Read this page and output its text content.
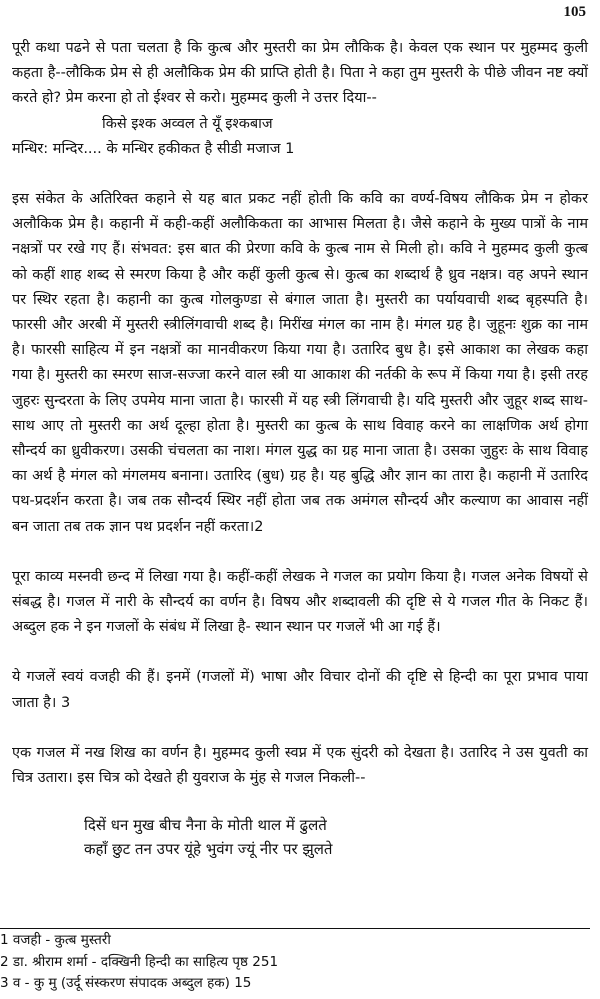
105

पूरी कथा पढने से पता चलता है कि कुत्ब और मुस्तरी का प्रेम लौकिक है। केवल एक स्थान पर मुहम्मद कुली कहता है--लौकिक प्रेम से ही अलौकिक प्रेम की प्राप्ति होती है। पिता ने कहा तुम मुस्तरी के पीछे जीवन नष्ट क्यों करते हो? प्रेम करना हो तो ईश्वर से करो। मुहम्मद कुली ने उत्तर दिया--

किसे इश्क अव्वल ते यूँ इश्कबाज

मन्धिर: मन्दिर.... के मन्धिर हकीकत है सीडी मजाज 1

इस संकेत के अतिरिक्त कहाने से यह बात प्रकट नहीं होती कि कवि का वर्ण्य-विषय लौकिक प्रेम न होकर अलौकिक प्रेम है। कहानी में कही-कहीं अलौकिकता का आभास मिलता है। जैसे कहाने के मुख्य पात्रों के नाम नक्षत्रों पर रखे गए हैं। संभवत: इस बात की प्रेरणा कवि के कुत्ब नाम से मिली हो। कवि ने मुहम्मद कुली कुत्ब को कहीं शाह शब्द से स्मरण किया है और कहीं कुली कुत्ब से। कुत्ब का शब्दार्थ है ध्रुव नक्षत्र। वह अपने स्थान पर स्थिर रहता है। कहानी का कुत्ब गोलकुण्डा से बंगाल जाता है। मुस्तरी का पर्यायवाची शब्द बृहस्पति है। फारसी और अरबी में मुस्तरी स्त्रीलिंगवाची शब्द है। मिरींख मंगल का नाम है। मंगल ग्रह है। जुहूनः शुक्र का नाम है। फारसी साहित्य में इन नक्षत्रों का मानवीकरण किया गया है। उतारिद बुध है। इसे आकाश का लेखक कहा गया है। मुस्तरी का स्मरण साज-सज्जा करने वाल स्त्री या आकाश की नर्तकी के रूप में किया गया है। इसी तरह जुहरः सुन्दरता के लिए उपमेय माना जाता है। फारसी में यह स्त्री लिंगवाची है। यदि मुस्तरी और जुहूर शब्द साथ-साथ आए तो मुस्तरी का अर्थ दूल्हा होता है। मुस्तरी का कुत्ब के साथ विवाह करने का लाक्षणिक अर्थ होगा सौन्दर्य का ध्रुवीकरण। उसकी चंचलता का नाश। मंगल युद्ध का ग्रह माना जाता है। उसका जुहुरः के साथ विवाह का अर्थ है मंगल को मंगलमय बनाना। उतारिद (बुध) ग्रह है। यह बुद्धि और ज्ञान का तारा है। कहानी में उतारिद पथ-प्रदर्शन करता है। जब तक सौन्दर्य स्थिर नहीं होता जब तक अमंगल सौन्दर्य और कल्याण का आवास नहीं बन जाता तब तक ज्ञान पथ प्रदर्शन नहीं करता।2

पूरा काव्य मस्नवी छन्द में लिखा गया है। कहीं-कहीं लेखक ने गजल का प्रयोग किया है। गजल अनेक विषयों से संबद्ध है। गजल में नारी के सौन्दर्य का वर्णन है। विषय और शब्दावली की दृष्टि से ये गजल गीत के निकट हैं। अब्दुल हक ने इन गजलों के संबंध में लिखा है- स्थान स्थान पर गजलें भी आ गई हैं।

ये गजलें स्वयं वजही की हैं। इनमें (गजलों में) भाषा और विचार दोनों की दृष्टि से हिन्दी का पूरा प्रभाव पाया जाता है। 3

एक गजल में नख शिख का वर्णन है। मुहम्मद कुली स्वप्न में एक सुंदरी को देखता है। उतारिद ने उस युवती का चित्र उतारा। इस चित्र को देखते ही युवराज के मुंह से गजल निकली--

दिसें धन मुख बीच नैना के मोती थाल में ढुलते

कहाँ छुट तन उपर यूंहे भुवंग ज्यूं नीर पर झुलते

1 वजही - कुत्ब मुस्तरी
2 डा. श्रीराम शर्मा - दक्खिनी हिन्दी का साहित्य पृष्ठ 251
3 व - कु मु (उर्दू संस्करण संपादक अब्दुल हक) 15
